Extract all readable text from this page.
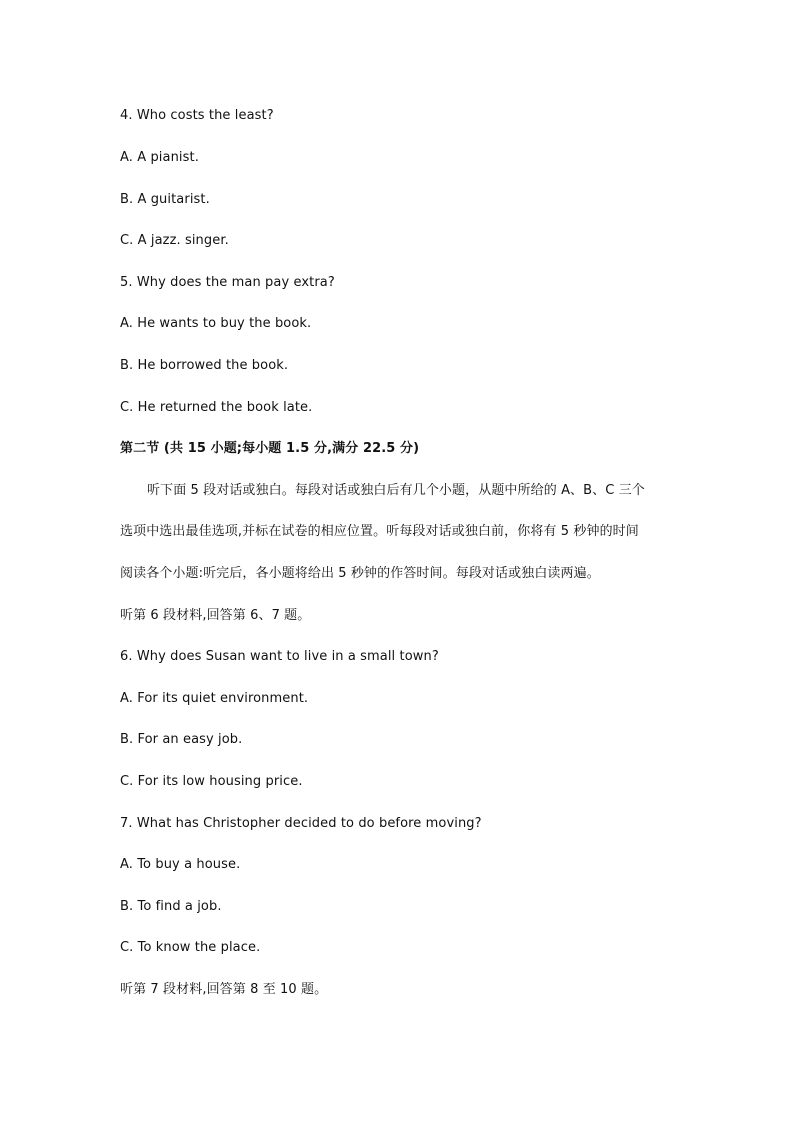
4. Who costs the least?
A. A pianist.
B. A guitarist.
C. A jazz. singer.
5. Why does the man pay extra?
A. He wants to buy the book.
B. He borrowed the book.
C. He returned the book late.
第二节 (共 15 小题;每小题 1.5 分,满分 22.5 分)
听下面 5 段对话或独白。每段对话或独白后有几个小题，从题中所给的 A、B、C 三个
选项中选出最佳选项,并标在试卷的相应位置。听每段对话或独白前，你将有 5 秒钟的时间
阅读各个小题:听完后，各小题将给出 5 秒钟的作答时间。每段对话或独白读两遍。
听第 6 段材料,回答第 6、7 题。
6. Why does Susan want to live in a small town?
A. For its quiet environment.
B. For an easy job.
C. For its low housing price.
7. What has Christopher decided to do before moving?
A. To buy a house.
B. To find a job.
C. To know the place.
听第 7 段材料,回答第 8 至 10 题。
